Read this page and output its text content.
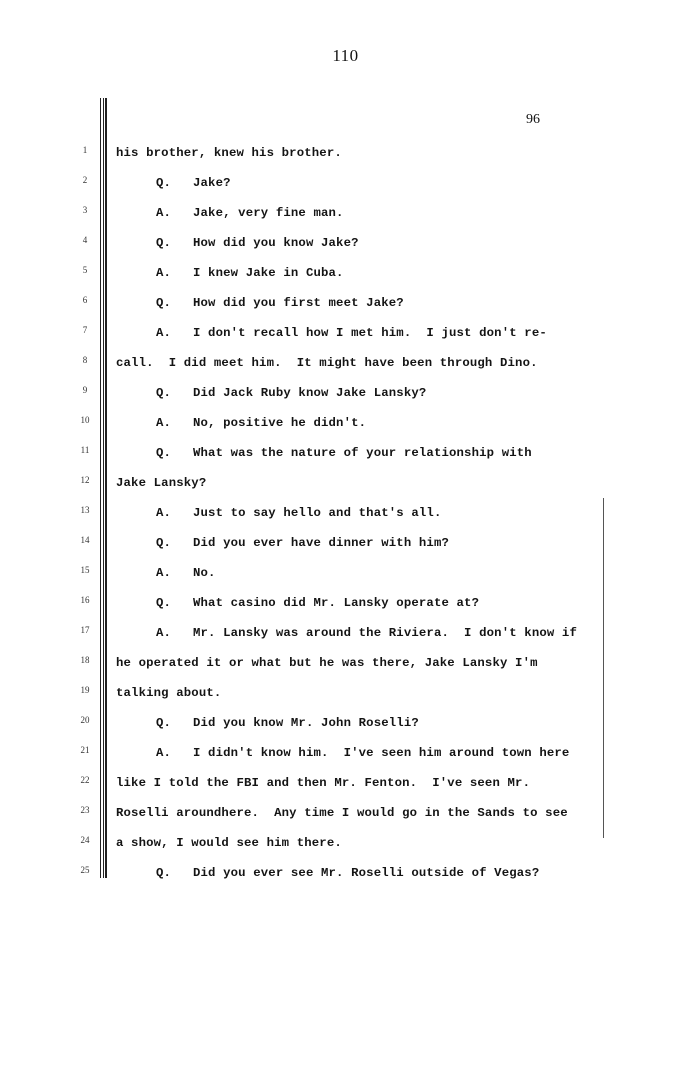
110
96
1	his brother, knew his brother.
2	Q. Jake?
3	A. Jake, very fine man.
4	Q. How did you know Jake?
5	A. I knew Jake in Cuba.
6	Q. How did you first meet Jake?
7	A. I don't recall how I met him.  I just don't re-
8	call.  I did meet him.  It might have been through Dino.
9	Q. Did Jack Ruby know Jake Lansky?
10	A. No, positive he didn't.
11	Q. What was the nature of your relationship with
12	Jake Lansky?
13	A. Just to say hello and that's all.
14	Q. Did you ever have dinner with him?
15	A. No.
16	Q. What casino did Mr. Lansky operate at?
17	A. Mr. Lansky was around the Riviera.  I don't know if
18	he operated it or what but he was there, Jake Lansky I'm
19	talking about.
20	Q. Did you know Mr. John Roselli?
21	A. I didn't know him.  I've seen him around town here
22	like I told the FBI and then Mr. Fenton.  I've seen Mr.
23	Roselli aroundhere.  Any time I would go in the Sands to see
24	a show, I would see him there.
25	Q. Did you ever see Mr. Roselli outside of Vegas?
